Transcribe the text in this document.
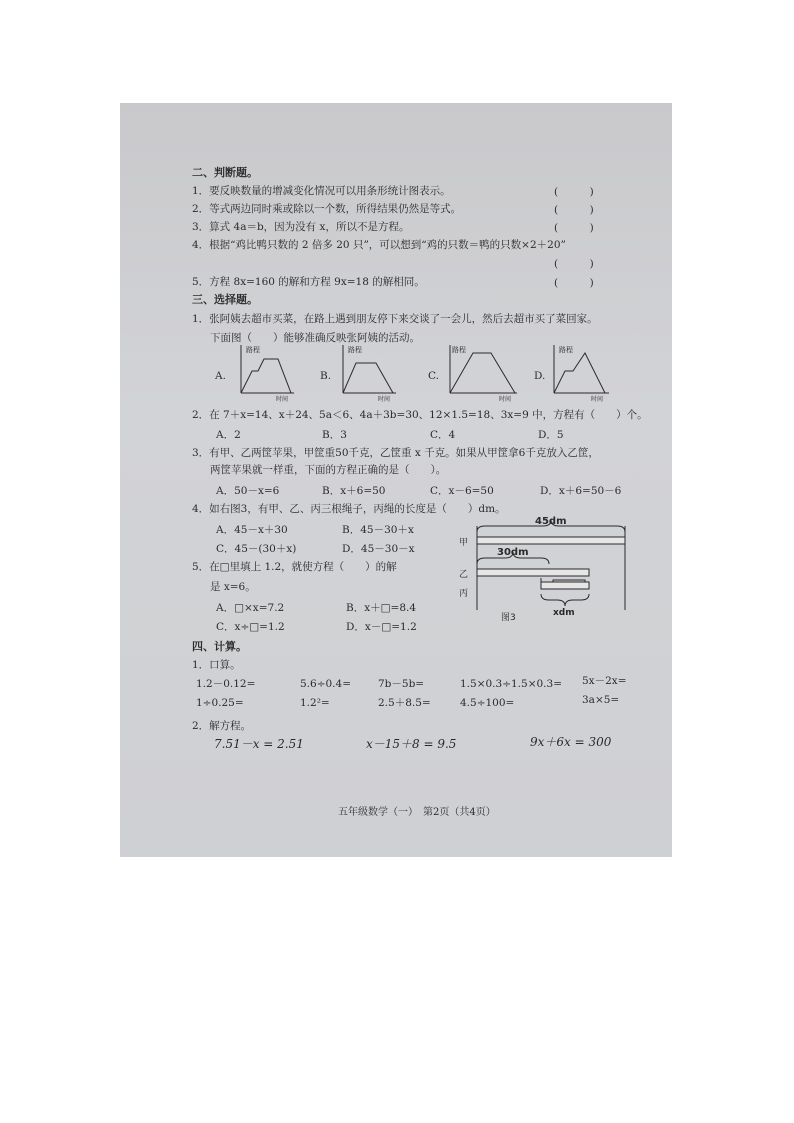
二、判断题。
1．要反映数量的增减变化情况可以用条形统计图表示。	(　　　)
2．等式两边同时乘或除以一个数，所得结果仍然是等式。	(　　　)
3．算式 4a＝b，因为没有 x，所以不是方程。	(　　　)
4．根据“鸡比鸭只数的 2 倍多 20 只”，可以想到“鸡的只数＝鸭的只数×2＋20”
(　　　)
5．方程 8x=160 的解和方程 9x=18 的解相同。	(　　　)
三、选择题。
1．张阿姨去超市买菜，在路上遇到朋友停下来交谈了一会儿，然后去超市买了菜回家。
下面图（　　）能够准确反映张阿姨的活动。
A.
路程
时间
B.
路程
时间
C.
路程
时间
D.
路程
时间
2．在 7＋x=14、x＋24、5a＜6、4a＋3b=30、12×1.5=18、3x=9 中，方程有（　　）个。
A．2	B．3	C．4	D．5
3．有甲、乙两筐苹果，甲筐重50千克，乙筐重 x 千克。如果从甲筐拿6千克放入乙筐，
两筐苹果就一样重，下面的方程正确的是（　　）。
A．50－x=6	B．x＋6=50	C．x－6=50	D．x＋6=50－6
4．如右图3，有甲、乙、丙三根绳子，丙绳的长度是（　　）dm。
A．45－x＋30	B．45－30＋x
C．45－(30＋x)	D．45－30－x
5．在□里填上 1.2，就使方程（　　）的解
是 x=6。
A．□×x=7.2	B．x＋□=8.4
C．x÷□=1.2	D．x－□=1.2
45dm
甲
30dm
乙
丙
xdm
图3
四、计算。
1．口算。
1.2－0.12=	5.6÷0.4=	7b－5b=	1.5×0.3÷1.5×0.3= 5x－2x=
1÷0.25=	1.2²=	2.5＋8.5=	4.5÷100=	3a×5=
2．解方程。
7.51－x = 2.51	x－15＋8 = 9.5	9x＋6x = 300
五年级数学（一）　第2页（共4页）
